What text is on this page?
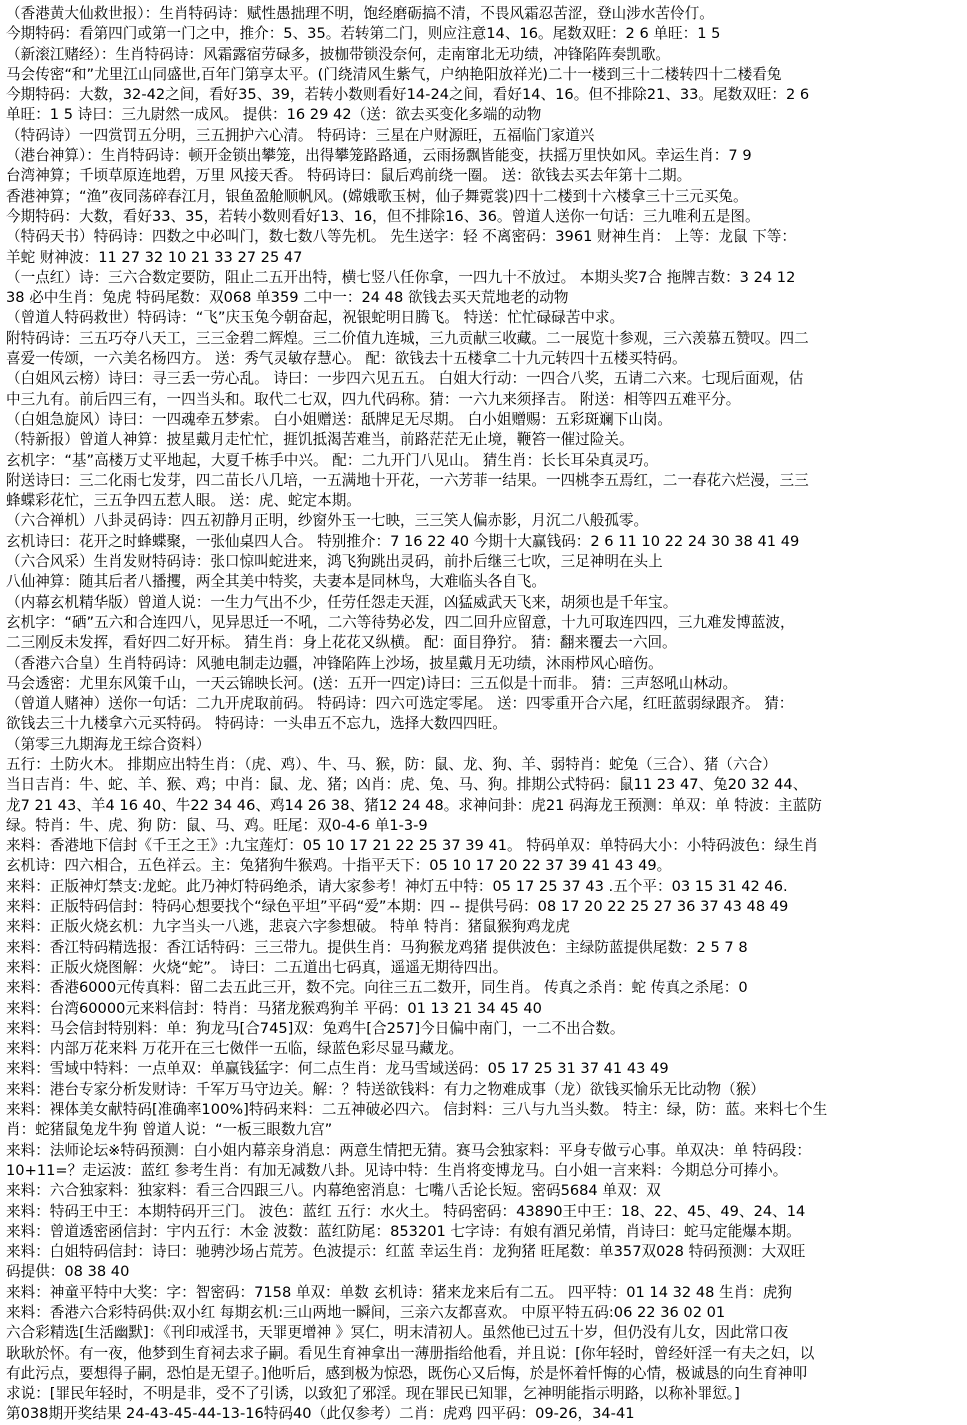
（香港黄大仙救世报）：生肖特码诗：赋性愚拙理不明，饱经磨砺搞不清，不畏风霜忍苦涩，登山涉水苦伶仃。
今期特码：看第四门或第一门之中，推介：5、35。若转第二门，则应注意14、16。尾数双旺：2 6 单旺：1 5
（新滚江赌经）：生肖特码诗：风霜露宿劳碌多，披枷带锁没奈何，走南窜北无功绩，冲锋陷阵奏凯歌。
马会传密“和”尤里江山同盛世,百年门第享太平。(门绕清风生紫气，户纳艳阳放祥光)二十一楼到三十二楼转四十二楼看兔
今期特码：大数，32-42之间，看好35、39，若转小数则看好14-24之间，看好14、16。但不排除21、33。尾数双旺：2 6
单旺：1 5 诗曰：三九尉然一成风。 提供：16 29 42（送：欲去买变化多端的动物
（特码诗）一四赏罚五分明，三五拥护六心清。 特码诗：三星在户财源旺，五福临门家道兴
（港台神算）：生肖特码诗：顿开金锁出攀笼，出得攀笼路路通，云雨扬飘皆能变，扶摇万里快如风。幸运生肖：7 9
台湾神算；千顷草原连地碧，万里 风接天香。 特码诗曰：鼠后鸡前绕一圈。 送：欲钱去买去年第十二期。
香港神算；“渔”夜同荡碎春江月，银鱼盈舱顺帆风。(嫦娥歌玉树，仙子舞霓裳)四十二楼到十六楼拿三十三元买兔。
今期特码：大数，看好33、35，若转小数则看好13、16，但不排除16、36。曾道人送你一句话：三九唯利五是图。
（特码天书）特码诗：四数之中必叫门，数七数八等先机。 先生送字：轻 不离密码：3961 财神生肖： 上等：龙鼠 下等：
羊蛇 财神波：11 27 32 10 21 33 27 25 47
（一点红）诗：三六合数定要防，阻止二五开出特，横七竖八任你拿，一四九十不放过。 本期头奖7合 拖牌吉数：3 24 12
38 必中生肖：兔虎 特码尾数：双068 单359 二中一：24 48 欲钱去买天荒地老的动物
（曾道人特码救世）特码诗：“飞”庆玉兔今朝奋起，祝银蛇明日腾飞。 特送：忙忙碌碌苦中求。
附特码诗：三五巧夺八天工，三三金碧二辉煌。三二价值九连城，三九贡献三收藏。二一展览十参观，三六羡慕五赞叹。四二
喜爱一传颂，一六美名杨四方。 送：秀气灵敏存慧心。 配：欲钱去十五楼拿二十九元转四十五楼买特码。
（白姐风云榜）诗曰：寻三丢一劳心乱。 诗曰：一步四六见五五。 白姐大行动：一四合八奖，五请二六来。七现后面观，估
中三九有。前后四三有，一四当头和。取代二七双，四九代码称。猜：一六九来须择吉。 附送：相等四五难平分。
（白姐急旋风）诗曰：一四魂牵五梦索。 白小姐赠送：舐牌足无尽期。 白小姐赠赐：五彩斑斓下山岗。
（特新报）曾道人神算：披星戴月走忙忙，捱饥抵渴苦难当，前路茫茫无止境，鞭笞一催过险关。
玄机字：“基”高楼万丈平地起，大夏千栋手中兴。 配：二九开门八见山。 猜生肖：长长耳朵真灵巧。
附送诗曰：三二化雨七发芽，四二苗长八几培，一五满地十开花，一六芳菲一结果。一四桃李五焉红，二一春花六烂漫，三三
蜂蝶彩花忙，三五争四五惹人眼。 送：虎、蛇定本期。
（六合禅机）八卦灵码诗：四五初静月正明，纱窗外玉一七映，三三笑人偏赤影，月沉二八般孤零。
玄机诗曰：花开之时蜂蝶聚，一张仙桌四人合。 特别推介：7 16 22 40 今期十大赢钱码：2 6 11 10 22 24 30 38 41 49
（六合风采）生肖发财特码诗：张口惊叫蛇进来，鸿飞狗跳出灵码，前扑后继三七吹，三足神明在头上
八仙神算：随其后者八播攫，两全其美中特奖，夫妻本是同林鸟，大难临头各自飞。
（内幕玄机精华版）曾道人说：一生力气出不少，任劳任怨走天涯，凶猛威武天飞来，胡须也是千年宝。
玄机字：“硒”五六和合连四八，见异思迁一不吼，二六等待势必发，四二回升应留意，十九可取连四四，三九难发博蓝波，
二三刚反未发挥，看好四二好开标。 猜生肖：身上花花又纵横。 配：面目狰狞。 猜：翻来覆去一六回。
（香港六合皇）生肖特码诗：风驰电制走边疆，冲锋陷阵上沙场，披星戴月无功绩，沐雨栉风心暗伤。
马会透密：尤里东风策千山，一天云锦映长河。(送：五开一四定)诗曰：三五似是十而非。 猜：三声怒吼山林动。
（曾道人赌神）送你一句话：二九开虎取前码。 特码诗：四六可选定零尾。 送：四零重开合六尾，红旺蓝弱绿跟齐。 猜：
欲钱去三十九楼拿六元买特码。 特码诗：一头串五不忘九，选择大数四四旺。
（第零三九期海龙王综合资料）
五行：土防火木。 排期应出特生肖：（虎、鸡）、牛、马、猴，防：鼠、龙、狗、羊、弱特肖：蛇兔（三合）、猪（六合）
当日吉肖：牛、蛇、羊、猴、鸡；中肖：鼠、龙、猪；凶肖：虎、兔、马、狗。排期公式特码：鼠11 23 47、兔20 32 44、
龙7 21 43、羊4 16 40、牛22 34 46、鸡14 26 38、猪12 24 48。求神问卦：虎21 码海龙王预测：单双：单 特波：主蓝防
绿。特肖：牛、虎、狗 防：鼠、马、鸡。旺尾：双0-4-6 单1-3-9
来料：香港地下信封《千王之王》:九宝莲灯：05 10 17 21 22 25 37 39 41。 特码单双：单特码大小：小特码波色：绿生肖
玄机诗：四六相合，五色祥云。主：兔猪狗牛猴鸡。十指平天下：05 10 17 20 22 37 39 41 43 49。
来料：正版神灯禁支:龙蛇。此乃神灯特码绝杀，请大家参考！神灯五中特：05 17 25 37 43 .五个平：03 15 31 42 46.
来料：正版特码信封：特码心想要找个“绿色平坦”平码“爱”本期：四 -- 提供号码：08 17 20 22 25 27 36 37 43 48 49
来料：正版火烧玄机：九字当头一八逃，悲哀六字参想破。 特单 特肖：猪鼠猴狗鸡龙虎
来料：香江特码精选报：香江话特码：三三带九。提供生肖：马狗猴龙鸡猪 提供波色：主绿防蓝提供尾数：2 5 7 8
来料：正版火烧图解：火烧“蛇”。 诗曰：二五道出七码真，遥遥无期待四出。
来料：香港6000元传真料：留二去五此三开，数不完。向往三五二数开，同生肖。 传真之杀肖：蛇 传真之杀尾：0
来料：台湾60000元来料信封：特肖：马猪龙猴鸡狗羊 平码：01 13 21 34 45 40
来料：马会信封特别料：单：狗龙马[合745]双：兔鸡牛[合257]今日偏中南门，一二不出合数。
来料：内部万花来料 万花开在三七傚伴一五临，绿蓝色彩尽显马藏龙。
来料：雪域中特料：一点单双：单赢钱猛字：何二点生肖：龙马雪域送码：05 17 25 31 37 41 43 49
来料：港台专家分析发财诗：千军万马守边关。解：？特送欲钱料：有力之物难成事（龙）欲钱买愉乐无比动物（猴）
来料：裸体美女献特码[准确率100%]特码来料：二五神破必四六。 信封料：三八与九当头数。 特主：绿，防：蓝。来料七个生
肖：蛇猪鼠兔龙牛狗 曾道人说：“一板三眼数九宫”
来料：法师论坛※特码预测：白小姐内幕亲身消息：两意生情把无猜。赛马会独家料：平身专做亏心事。单双决：单 特码段：
10+11=？走运波：蓝红 参考生肖：有加无减数八卦。见诗中特：生肖将变博龙马。白小姐一言来料：今期总分可捧小。
来料：六合独家料：独家料：看三合四跟三八。内幕绝密消息：七嘴八舌论长短。密码5684 单双：双
来料：特码王中王：本期特码开三门。 波色：蓝红 五行：水火土。 特码密码：43890王中王：18、22、45、49、24、14
来料：曾道透密函信封：宇内五行：木金 波数：蓝红防尾：853201 七字诗：有娘有酒兄弟情，肖诗曰：蛇马定能爆本期。
来料：白姐特码信封：诗曰：驰骋沙场占荒芳。色波提示：红蓝 幸运生肖：龙狗猪 旺尾数：单357双028 特码预测：大双旺
码提供：08 38 40
来料：神童平特中大奖：字：智密码：7158 单双：单数 玄机诗：猪来龙来后有二五。 四平特：01 14 32 48 生肖：虎狗
来料：香港六合彩特码供:双小红 每期玄机:三山两地一瞬间，三亲六友都喜欢。 中原平特五码:06 22 36 02 01
六合彩精选[生活幽默]：《刊印戒淫书，天罪更增神 》冥仁，明末清初人。虽然他已过五十岁，但仍没有儿女，因此常口夜
耿耿於怀。有一夜，他梦到生育祠去求子嗣。看见生育神拿出一薄册指给他看，并且说：[你年轻时，曾经奸淫一有夫之妇，以
有此污点，要想得子嗣，恐怕是无望子。]他听后，感到极为惊恐，既伤心又后悔，於是怀着忏悔的心情，极诚恳的向生育神叩
求说：[罪民年轻时，不明是非，受不了引诱，以致犯了邪淫。现在罪民已知罪，乞神明能指示明路，以称补罪愆。]
第038期开奖结果 24-43-45-44-13-16特码40（此仅参考）二肖：虎鸡 四平码：09-26，34-41
